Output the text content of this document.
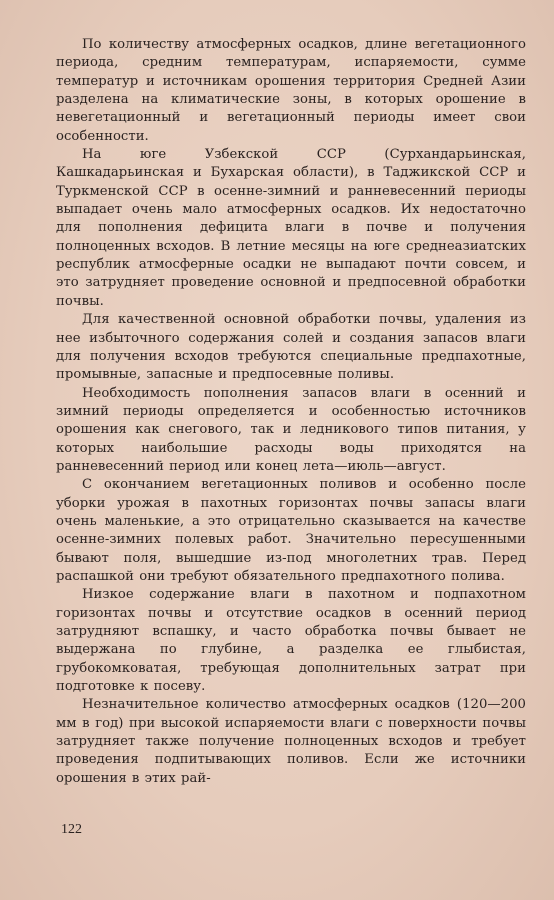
По количеству атмосферных осадков, длине вегетационного периода, средним температурам, испаряемости, сумме температур и источникам орошения территория Средней Азии разделена на климатические зоны, в которых орошение в невегетационный и вегетационный периоды имеет свои особенности.

На юге Узбекской ССР (Сурхандарьинская, Кашкадарьинская и Бухарская области), в Таджикской ССР и Туркменской ССР в осенне-зимний и ранневесенний периоды выпадает очень мало атмосферных осадков. Их недостаточно для пополнения дефицита влаги в почве и получения полноценных всходов. В летние месяцы на юге среднеазиатских республик атмосферные осадки не выпадают почти совсем, и это затрудняет проведение основной и предпосевной обработки почвы.

Для качественной основной обработки почвы, удаления из нее избыточного содержания солей и создания запасов влаги для получения всходов требуются специальные предпахотные, промывные, запасные и предпосевные поливы.

Необходимость пополнения запасов влаги в осенний и зимний периоды определяется и особенностью источников орошения как снегового, так и ледникового типов питания, у которых наибольшие расходы воды приходятся на ранневесенний период или конец лета—июль—август.

С окончанием вегетационных поливов и особенно после уборки урожая в пахотных горизонтах почвы запасы влаги очень маленькие, а это отрицательно сказывается на качестве осенне-зимних полевых работ. Значительно пересушенными бывают поля, вышедшие из-под многолетних трав. Перед распашкой они требуют обязательного предпахотного полива.

Низкое содержание влаги в пахотном и подпахотном горизонтах почвы и отсутствие осадков в осенний период затрудняют вспашку, и часто обработка почвы бывает не выдержана по глубине, а разделка ее глыбистая, грубокомковатая, требующая дополнительных затрат при подготовке к посеву.

Незначительное количество атмосферных осадков (120—200 мм в год) при высокой испаряемости влаги с поверхности почвы затрудняет также получение полноценных всходов и требует проведения подпитывающих поливов. Если же источники орошения в этих рай-

122
